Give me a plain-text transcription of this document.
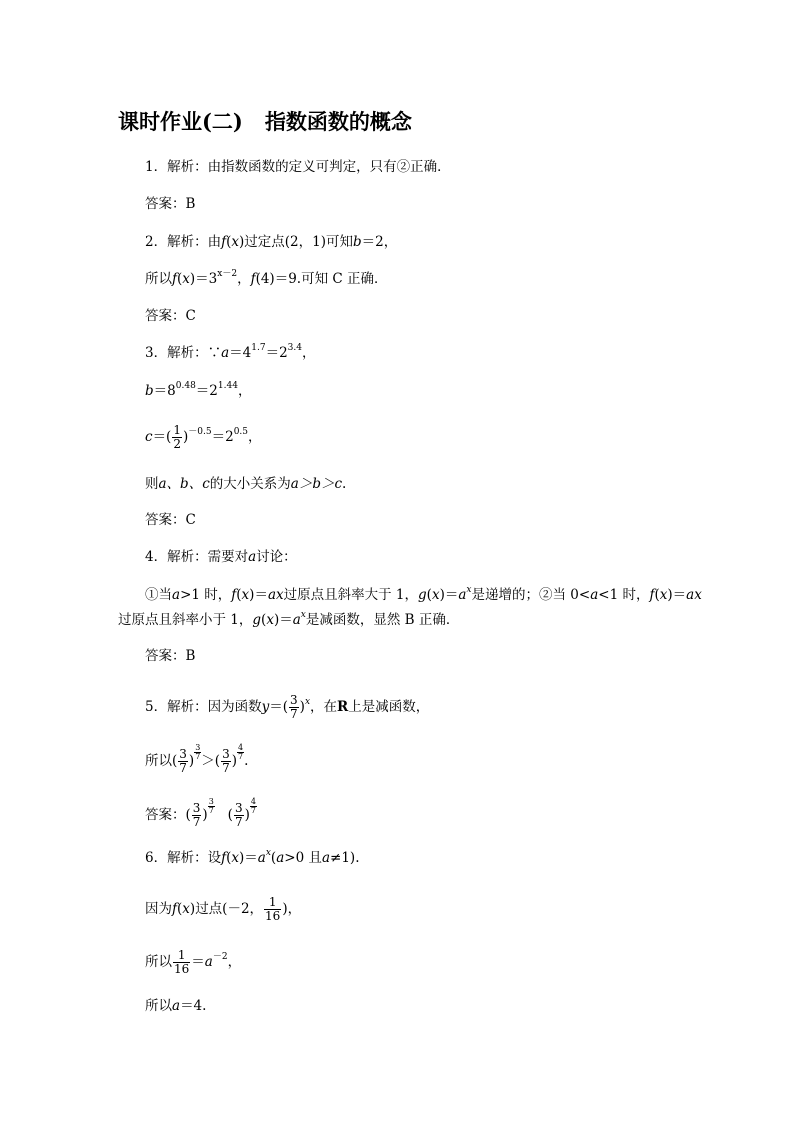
课时作业(二) 指数函数的概念
1．解析：由指数函数的定义可判定，只有②正确．
答案：B
2．解析：由f(x)过定点(2，1)可知b＝2，
所以$f(x)=3^{x-2}$，f(4)＝9.可知 C 正确．
答案：C
3．解析：$\because a=4^{1.7}=2^{3.4}$，
$b=8^{0.48}=2^{1.44}$，
$c=( \frac{1}{2} )^{-0.5}=2^{0.5}$，
则a、b、c的大小关系为a＞b＞c.
答案：C
4．解析：需要对a讨论：
①当a>1 时，f(x)＝ax过原点且斜率大于 1，$g(x)=a^x$是递增的；②当 0<a<1 时，f(x)＝ax
过原点且斜率小于 1，$g(x)=a^x$是减函数，显然 B 正确．
答案：B
5．解析：因为函数$y=( \frac{3}{7} )^x$，在R上是减函数，
所以( $\frac{3}{7}$ ) $\frac{3}{7}$ ＞( $\frac{3}{7}$ ) $\frac{4}{7}$ .
答案：( $\frac{3}{7}$ ) $\frac{3}{7}$ ( $\frac{3}{7}$ ) $\frac{4}{7}$
6．解析：设$f(x)=a^x(a>0$ 且a≠1).
因为f(x)过点(－2， $\frac{1}{16}$ )，
所以 $\frac{1}{16} =a^{-2}$，
所以a＝4.
